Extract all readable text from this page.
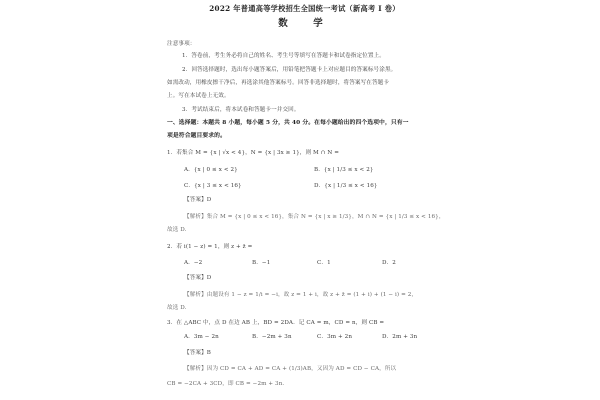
2022 年普通高等学校招生全国统一考试（新高考 I 卷）
数　学
注意事项：
1．答卷前，考生务必将自己的姓名、考生号等填写在答题卡和试卷指定位置上。
2．回答选择题时，选出每小题答案后，用铅笔把答题卡上对应题目的答案标号涂黑。
如需改动，用橡皮擦干净后，再选涂其他答案标号。回答非选择题时，将答案写在答题卡
上。写在本试卷上无效。
3．考试结束后，将本试卷和答题卡一并交回。
一、选择题：本题共 8 小题，每小题 5 分，共 40 分。在每小题给出的四个选项中，只有一
项是符合题目要求的。
1．若集合 M = {x | √x < 4}，N = {x | 3x ≥ 1}，则 M ∩ N =
A．{x | 0 ≤ x < 2}	B．{x | 1/3 ≤ x < 2}
C．{x | 3 ≤ x < 16}	D．{x | 1/3 ≤ x < 16}
【答案】D
【解析】集合 M = {x | 0 ≤ x < 16}，集合 N = {x | x ≥ 1/3}，M ∩ N = {x | 1/3 ≤ x < 16}，
故选 D.
2．若 i(1 − z) = 1，则 z + z̄ =
A．−2	B．−1	C．1	D．2
【答案】D
【解析】由题设有 1 − z = 1/i = −i，故 z = 1 + i，故 z + z̄ = (1 + i) + (1 − i) = 2，
故选 D.
3．在 △ABC 中，点 D 在边 AB 上，BD = 2DA．记 CA = m，CD = n，则 CB =
A．3m − 2n	B．−2m + 3n	C．3m + 2n	D．2m + 3n
【答案】B
【解析】因为 CD = CA + AD = CA + (1/3)AB，又因为 AD = CD − CA，所以
CB = −2CA + 3CD，即 CB = −2m + 3n．
